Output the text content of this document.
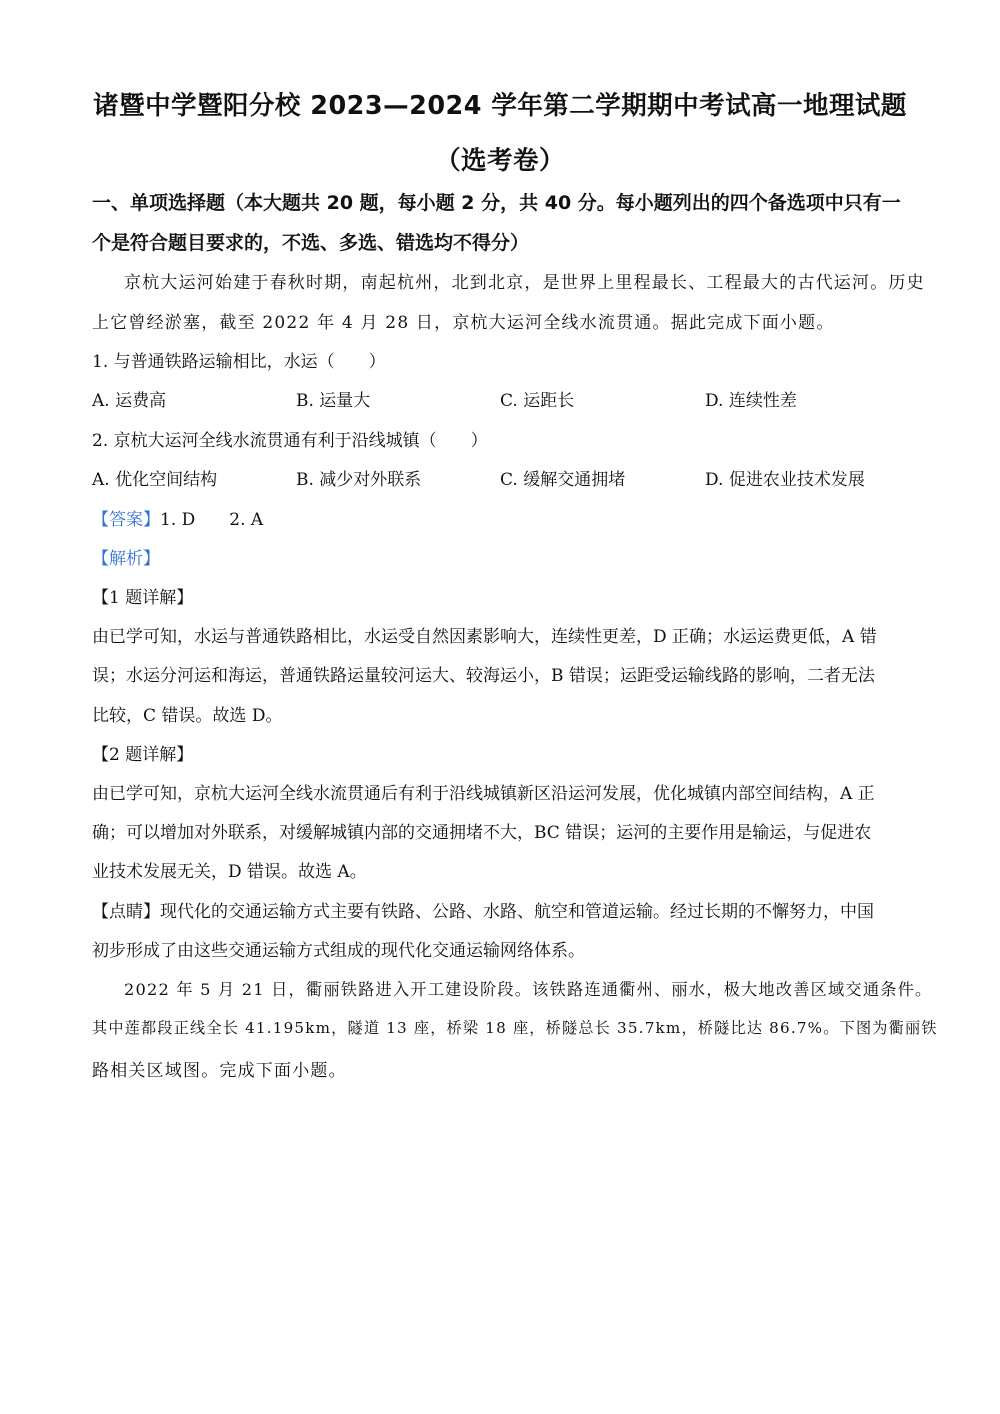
诸暨中学暨阳分校 2023—2024 学年第二学期期中考试高一地理试题
（选考卷）
一、单项选择题（本大题共 20 题，每小题 2 分，共 40 分。每小题列出的四个备选项中只有一
个是符合题目要求的，不选、多选、错选均不得分）
京杭大运河始建于春秋时期，南起杭州，北到北京，是世界上里程最长、工程最大的古代运河。历史
上它曾经淤塞，截至 2022 年 4 月 28 日，京杭大运河全线水流贯通。据此完成下面小题。
1. 与普通铁路运输相比，水运（　　）
A. 运费高	B. 运量大	C. 运距长	D. 连续性差
2. 京杭大运河全线水流贯通有利于沿线城镇（　　）
A. 优化空间结构	B. 减少对外联系	C. 缓解交通拥堵	D. 促进农业技术发展
【答案】1. D 2. A
【解析】
【1 题详解】
由已学可知，水运与普通铁路相比，水运受自然因素影响大，连续性更差，D 正确；水运运费更低，A 错
误；水运分河运和海运，普通铁路运量较河运大、较海运小，B 错误；运距受运输线路的影响，二者无法
比较，C 错误。故选 D。
【2 题详解】
由已学可知，京杭大运河全线水流贯通后有利于沿线城镇新区沿运河发展，优化城镇内部空间结构，A 正
确；可以增加对外联系，对缓解城镇内部的交通拥堵不大，BC 错误；运河的主要作用是输运，与促进农
业技术发展无关，D 错误。故选 A。
【点睛】现代化的交通运输方式主要有铁路、公路、水路、航空和管道运输。经过长期的不懈努力，中国
初步形成了由这些交通运输方式组成的现代化交通运输网络体系。
2022 年 5 月 21 日，衢丽铁路进入开工建设阶段。该铁路连通衢州、丽水，极大地改善区域交通条件。
其中莲都段正线全长 41.195km，隧道 13 座，桥梁 18 座，桥隧总长 35.7km，桥隧比达 86.7%。下图为衢丽铁
路相关区域图。完成下面小题。
